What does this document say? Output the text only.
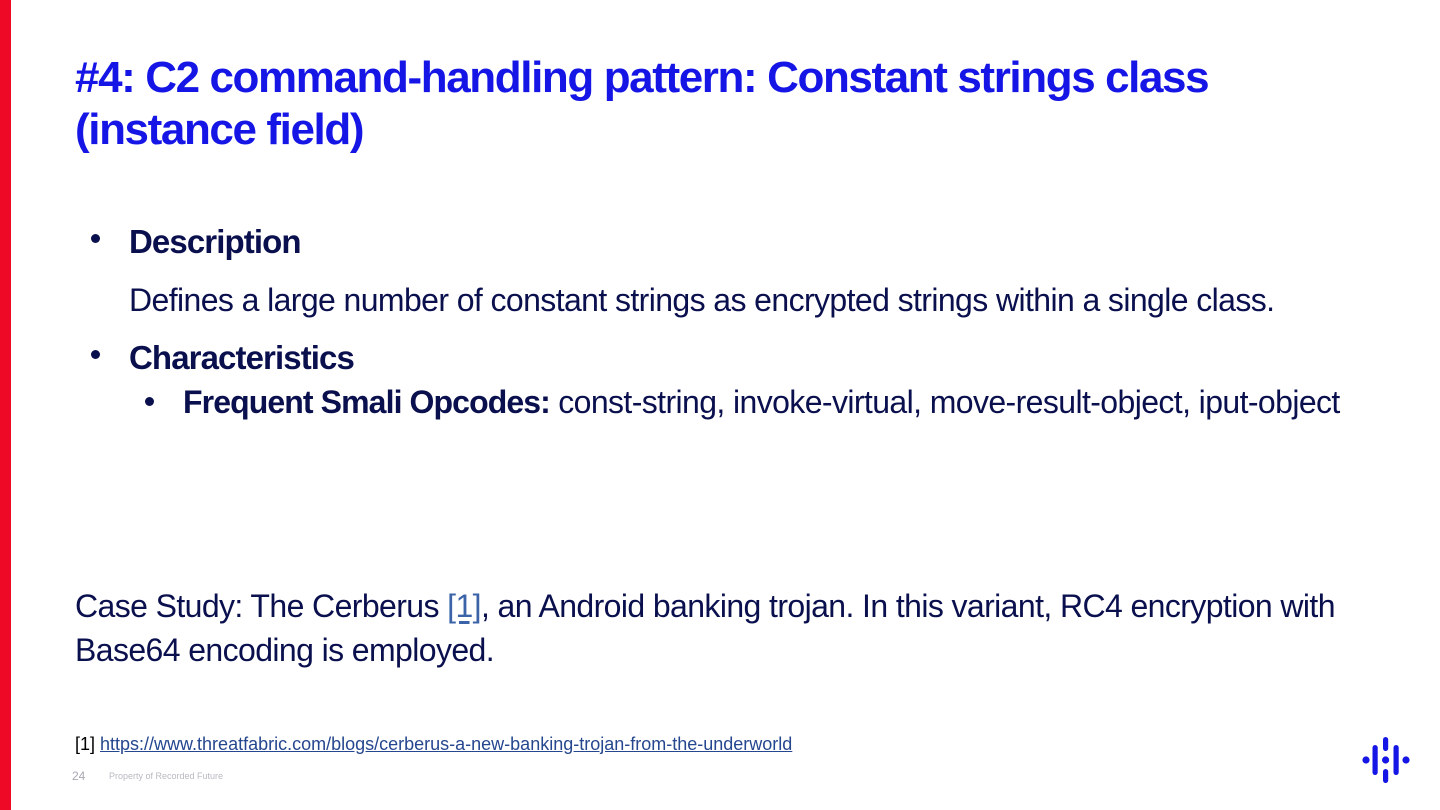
#4: C2 command-handling pattern: Constant strings class (instance field)
Description
Defines a large number of constant strings as encrypted strings within a single class.
Characteristics
Frequent Smali Opcodes: const-string, invoke-virtual, move-result-object, iput-object
Case Study: The Cerberus [1], an Android banking trojan. In this variant, RC4 encryption with Base64 encoding is employed.
[1] https://www.threatfabric.com/blogs/cerberus-a-new-banking-trojan-from-the-underworld
24	Property of Recorded Future
